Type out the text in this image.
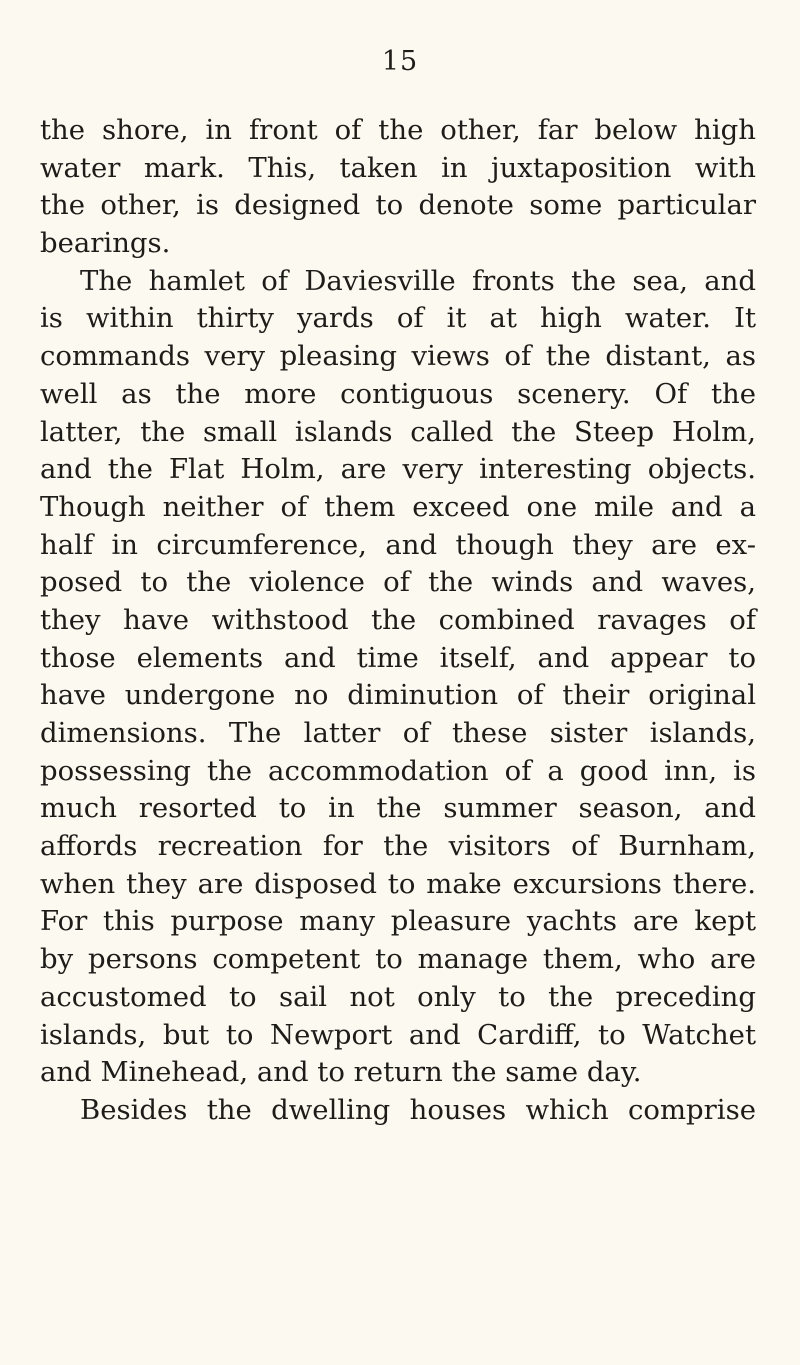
15
the shore, in front of the other, far below high
water mark. This, taken in juxtaposition with
the other, is designed to denote some particular
bearings.
The hamlet of Daviesville fronts the sea, and
is within thirty yards of it at high water. It
commands very pleasing views of the distant, as
well as the more contiguous scenery. Of the
latter, the small islands called the Steep Holm,
and the Flat Holm, are very interesting objects.
Though neither of them exceed one mile and a
half in circumference, and though they are ex-
posed to the violence of the winds and waves,
they have withstood the combined ravages of
those elements and time itself, and appear to
have undergone no diminution of their original
dimensions. The latter of these sister islands,
possessing the accommodation of a good inn, is
much resorted to in the summer season, and
affords recreation for the visitors of Burnham,
when they are disposed to make excursions there.
For this purpose many pleasure yachts are kept
by persons competent to manage them, who are
accustomed to sail not only to the preceding
islands, but to Newport and Cardiff, to Watchet
and Minehead, and to return the same day.
Besides the dwelling houses which comprise
